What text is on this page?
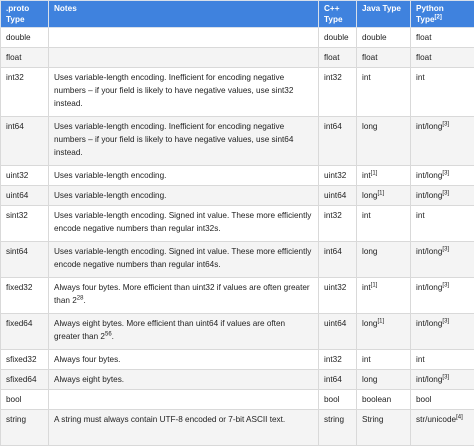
.proto Type	Notes	C++ Type	Java Type	Python Type[2]
double		double	double	float
float		float	float	float
int32	Uses variable-length encoding. Inefficient for encoding negative numbers – if your field is likely to have negative values, use sint32 instead.	int32	int	int
int64	Uses variable-length encoding. Inefficient for encoding negative numbers – if your field is likely to have negative values, use sint64 instead.	int64	long	int/long[3]
uint32	Uses variable-length encoding.	uint32	int[1]	int/long[3]
uint64	Uses variable-length encoding.	uint64	long[1]	int/long[3]
sint32	Uses variable-length encoding. Signed int value. These more efficiently encode negative numbers than regular int32s.	int32	int	int
sint64	Uses variable-length encoding. Signed int value. These more efficiently encode negative numbers than regular int64s.	int64	long	int/long[3]
fixed32	Always four bytes. More efficient than uint32 if values are often greater than $2^{28}$.	uint32	int[1]	int/long[3]
fixed64	Always eight bytes. More efficient than uint64 if values are often greater than $2^{56}$.	uint64	long[1]	int/long[3]
sfixed32	Always four bytes.	int32	int	int
sfixed64	Always eight bytes.	int64	long	int/long[3]
bool		bool	boolean	bool
string	A string must always contain UTF-8 encoded or 7-bit ASCII text.	string	String	str/unicode[4]
